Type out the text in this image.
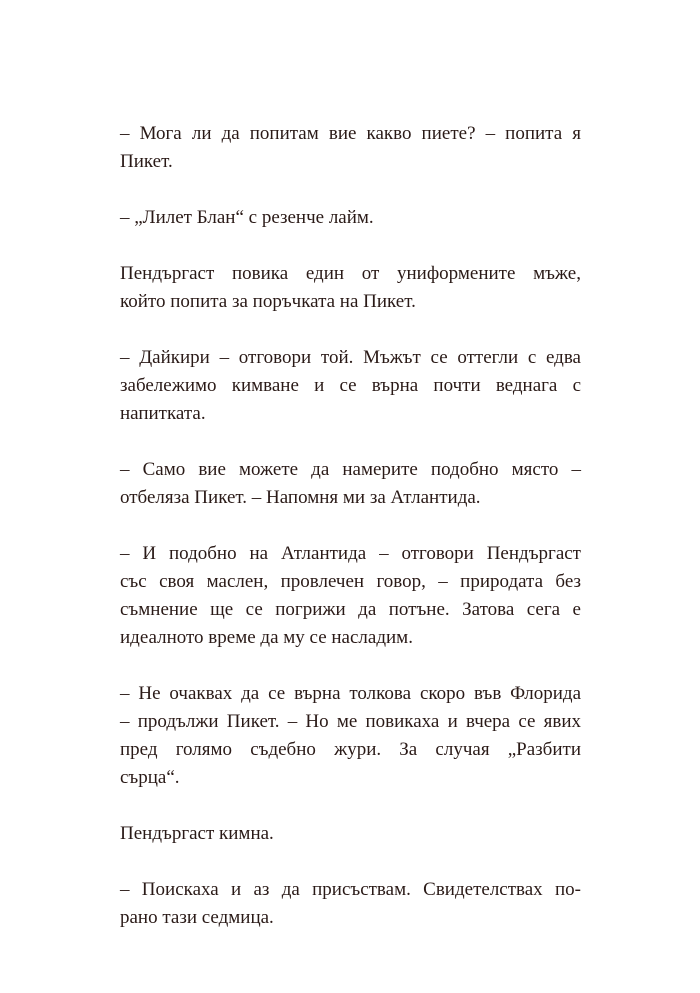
– Мога ли да попитам вие какво пиете? – попита я
Пикет.

– „Лилет Блан“ с резенче лайм.

Пендъргаст повика един от униформените мъже,
който попита за поръчката на Пикет.

– Дайкири – отговори той. Мъжът се оттегли с едва
забележимо кимване и се върна почти веднага с
напитката.

– Само вие можете да намерите подобно място –
отбеляза Пикет. – Напомня ми за Атлантида.

– И подобно на Атлантида – отговори Пендъргаст
със своя маслен, провлечен говор, – природата без
съмнение ще се погрижи да потъне. Затова сега е
идеалното време да му се насладим.

– Не очаквах да се върна толкова скоро във Флорида
– продължи Пикет. – Но ме повикаха и вчера се явих
пред голямо съдебно жури. За случая „Разбити
сърца“.

Пендъргаст кимна.

– Поискаха и аз да присъствам. Свидетелствах по-
рано тази седмица.
